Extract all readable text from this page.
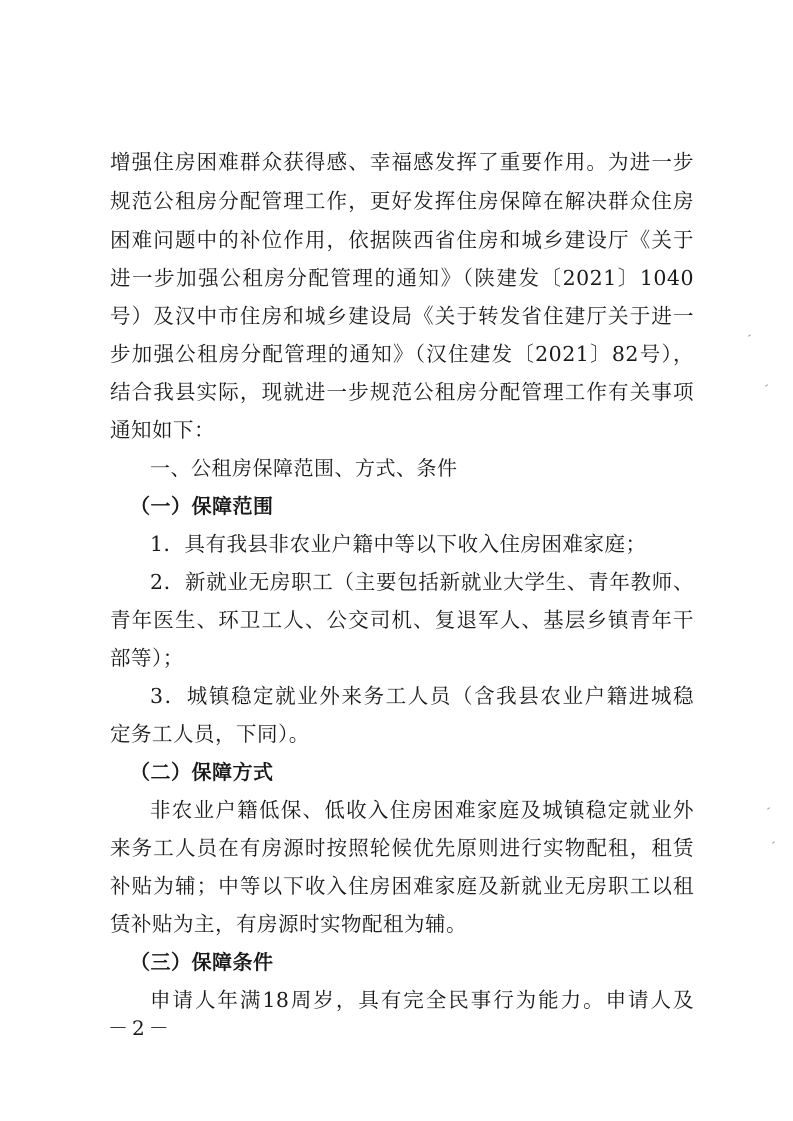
增强住房困难群众获得感、幸福感发挥了重要作用。为进一步
规范公租房分配管理工作，更好发挥住房保障在解决群众住房
困难问题中的补位作用，依据陕西省住房和城乡建设厅《关于
进一步加强公租房分配管理的通知》（陕建发〔2021〕1040
号）及汉中市住房和城乡建设局《关于转发省住建厅关于进一
步加强公租房分配管理的通知》（汉住建发〔2021〕82号），
结合我县实际，现就进一步规范公租房分配管理工作有关事项
通知如下：
一、公租房保障范围、方式、条件
（一）保障范围
1．具有我县非农业户籍中等以下收入住房困难家庭；
2．新就业无房职工（主要包括新就业大学生、青年教师、
青年医生、环卫工人、公交司机、复退军人、基层乡镇青年干
部等）；
3．城镇稳定就业外来务工人员（含我县农业户籍进城稳
定务工人员，下同）。
（二）保障方式
非农业户籍低保、低收入住房困难家庭及城镇稳定就业外
来务工人员在有房源时按照轮候优先原则进行实物配租，租赁
补贴为辅；中等以下收入住房困难家庭及新就业无房职工以租
赁补贴为主，有房源时实物配租为辅。
（三）保障条件
申请人年满18周岁，具有完全民事行为能力。申请人及
－2－
